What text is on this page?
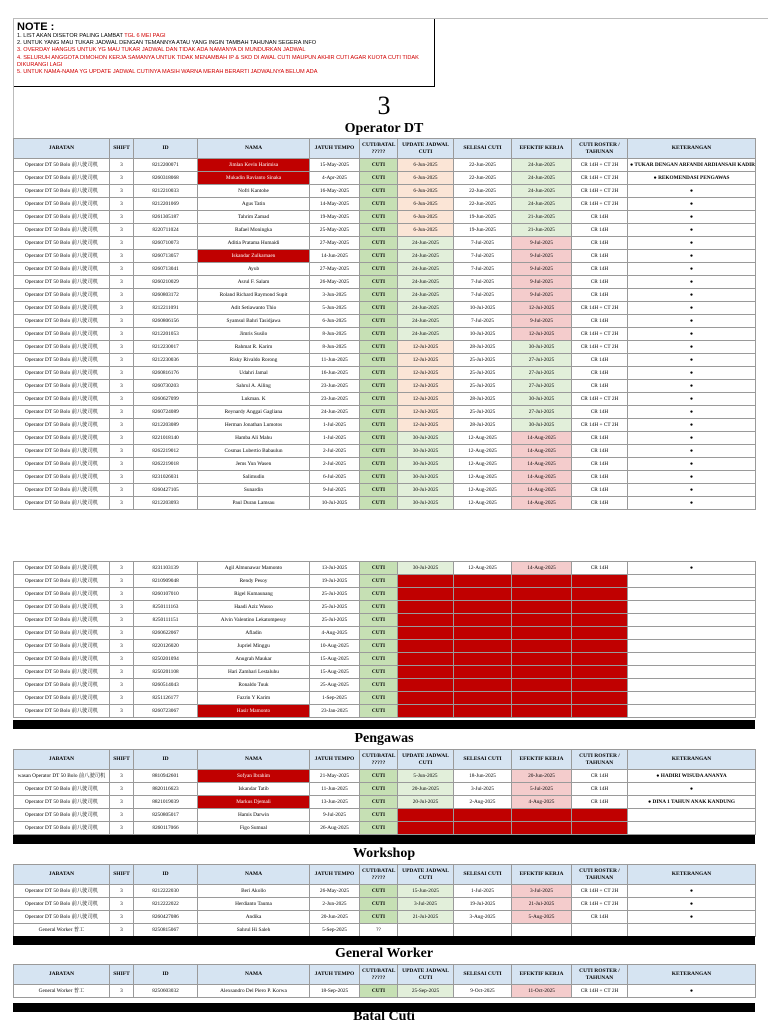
NOTE :
1. LIST AKAN DISETOR PALING LAMBAT TGL 6 MEI PAGI
2. UNTUK YANG MAU TUKAR JADWAL DENGAN TEMANNYA ATAU YANG INGIN TAMBAH TAHUNAN SEGERA INFO
3. OVERDAY HANGUS UNTUK YG MAU TUKAR JADWAL DAN TIDAK ADA NAMANYA DI MUNDURKAN JADWAL
4. SELURUH ANGGOTA DIMOHON KERJA SAMANYA UNTUK TIDAK MENAMBAH IP & SKD DI AWAL CUTI MAUPUN AKHIR CUTI AGAR KUOTA CUTI TIDAK DIKURANGI LAGI
5. UNTUK NAMA-NAMA YG UPDATE JADWAL CUTINYA MASIH WARNA MERAH BERARTI JADWALNYA BELUM ADA
3
Operator DT
JABATAN	SHIFT	ID	NAMA	JATUH TEMPO	CUTI/BATAL ?????	UPDATE JADWAL CUTI	SELESAI CUTI	EFEKTIF KERJA	CUTI ROSTER / TAHUNAN	KETERANGAN
Operator DT 50 Bolo 前八驶司机	3	8212200071	Jimlan Kevin Harimisa	15-May-2025	CUTI	6-Jun-2025	22-Jun-2025	24-Jun-2025	CR 14H + CT 2H	● TUKAR DENGAN ARFANDI ARDIANSAH KADIR
Operator DT 50 Bolo 前八驶司机	3	8260318068	Mukadin Ravianto Sinaka	4-Apr-2025	CUTI	6-Jun-2025	22-Jun-2025	24-Jun-2025	CR 14H + CT 2H	● REKOMENDASI PENGAWAS
Operator DT 50 Bolo 前八驶司机	3	8212210033	Nofri Kantohe	16-May-2025	CUTI	6-Jun-2025	22-Jun-2025	24-Jun-2025	CR 14H + CT 2H	●
Operator DT 50 Bolo 前八驶司机	3	8212201069	Agus Tatin	14-May-2025	CUTI	6-Jun-2025	22-Jun-2025	24-Jun-2025	CR 14H + CT 2H	●
Operator DT 50 Bolo 前八驶司机	3	8261305187	Tahrim Zamad	19-May-2025	CUTI	6-Jun-2025	19-Jun-2025	21-Jun-2025	CR 14H	●
Operator DT 50 Bolo 前八驶司机	3	8220711024	Rafael Moningka	25-May-2025	CUTI	6-Jun-2025	19-Jun-2025	21-Jun-2025	CR 14H	●
Operator DT 50 Bolo 前八驶司机	3	8260710073	Aditia Pratama Humaidi	27-May-2025	CUTI	24-Jun-2025	7-Jul-2025	9-Jul-2025	CR 14H	●
Operator DT 50 Bolo 前八驶司机	3	8260713057	Iskandar Zulkarnaen	14-Jun-2025	CUTI	24-Jun-2025	7-Jul-2025	9-Jul-2025	CR 14H	●
Operator DT 50 Bolo 前八驶司机	3	8260713041	Ayub	27-May-2025	CUTI	24-Jun-2025	7-Jul-2025	9-Jul-2025	CR 14H	●
Operator DT 50 Bolo 前八驶司机	3	8260210029	Asrul F. Salam	26-May-2025	CUTI	24-Jun-2025	7-Jul-2025	9-Jul-2025	CR 14H	●
Operator DT 50 Bolo 前八驶司机	3	8260803172	Roland Richard Raymond Supit	3-Jun-2025	CUTI	24-Jun-2025	7-Jul-2025	9-Jul-2025	CR 14H	●
Operator DT 50 Bolo 前八驶司机	3	8212211091	Adit Setiawanto Thio	5-Jun-2025	CUTI	24-Jun-2025	10-Jul-2025	12-Jul-2025	CR 14H + CT 2H	●
Operator DT 50 Bolo 前八驶司机	3	8260806156	Syamsul Bahri Tasidjawa	6-Jun-2025	CUTI	24-Jun-2025	7-Jul-2025	9-Jul-2025	CR 14H	●
Operator DT 50 Bolo 前八驶司机	3	8212201053	Jimris Susilo	8-Jun-2025	CUTI	24-Jun-2025	10-Jul-2025	12-Jul-2025	CR 14H + CT 2H	●
Operator DT 50 Bolo 前八驶司机	3	8212230017	Rahmat R. Karim	8-Jun-2025	CUTI	12-Jul-2025	28-Jul-2025	30-Jul-2025	CR 14H + CT 2H	●
Operator DT 50 Bolo 前八驶司机	3	8212230036	Risky Rivaldo Rorong	11-Jun-2025	CUTI	12-Jul-2025	25-Jul-2025	27-Jul-2025	CR 14H	●
Operator DT 50 Bolo 前八驶司机	3	8260816176	Udahri Jamal	16-Jun-2025	CUTI	12-Jul-2025	25-Jul-2025	27-Jul-2025	CR 14H	●
Operator DT 50 Bolo 前八驶司机	3	8260730203	Sahrul A. Ailing	23-Jun-2025	CUTI	12-Jul-2025	25-Jul-2025	27-Jul-2025	CR 14H	●
Operator DT 50 Bolo 前八驶司机	3	8260627099	Lukman. K	23-Jun-2025	CUTI	12-Jul-2025	28-Jul-2025	30-Jul-2025	CR 14H + CT 2H	●
Operator DT 50 Bolo 前八驶司机	3	8260724089	Reynardy Anggai Gagliana	24-Jun-2025	CUTI	12-Jul-2025	25-Jul-2025	27-Jul-2025	CR 14H	●
Operator DT 50 Bolo 前八驶司机	3	8212203089	Herman Jonathan Lumotos	1-Jul-2025	CUTI	12-Jul-2025	28-Jul-2025	30-Jul-2025	CR 14H + CT 2H	●
Operator DT 50 Bolo 前八驶司机	3	8221018140	Hamba Ali Mahu	1-Jul-2025	CUTI	30-Jul-2025	12-Aug-2025	14-Aug-2025	CR 14H	●
Operator DT 50 Bolo 前八驶司机	3	8262219012	Cosmas Lubertio Babaulun	2-Jul-2025	CUTI	30-Jul-2025	12-Aug-2025	14-Aug-2025	CR 14H	●
Operator DT 50 Bolo 前八驶司机	3	8262219018	Jems Yun Wasen	2-Jul-2025	CUTI	30-Jul-2025	12-Aug-2025	14-Aug-2025	CR 14H	●
Operator DT 50 Bolo 前八驶司机	3	8231026031	Salimudin	6-Jul-2025	CUTI	30-Jul-2025	12-Aug-2025	14-Aug-2025	CR 14H	●
Operator DT 50 Bolo 前八驶司机	3	8260427105	Sunardin	9-Jul-2025	CUTI	30-Jul-2025	12-Aug-2025	14-Aug-2025	CR 14H	●
Operator DT 50 Bolo 前八驶司机	3	8212203093	Paul Duran Lamsau	10-Jul-2025	CUTI	30-Jul-2025	12-Aug-2025	14-Aug-2025	CR 14H	●
Operator DT 50 Bolo 前八驶司机	3	8231103139	Agil Almunawar Mamonto	13-Jul-2025	CUTI	30-Jul-2025	12-Aug-2025	14-Aug-2025	CR 14H	●
Operator DT 50 Bolo 前八驶司机	3	8210909048	Rendy Pesoy	19-Jul-2025	CUTI					
Operator DT 50 Bolo 前八驶司机	3	8260107010	Rigel Kumaunang	25-Jul-2025	CUTI					
Operator DT 50 Bolo 前八驶司机	3	8250111163	Haadi Aziz Wasso	25-Jul-2025	CUTI					
Operator DT 50 Bolo 前八驶司机	3	8250111151	Alvin Valentino Lekatompessy	25-Jul-2025	CUTI					
Operator DT 50 Bolo 前八驶司机	3	8260622067	Afladin	4-Aug-2025	CUTI					
Operator DT 50 Bolo 前八驶司机	3	8220126020	Jupriel Minggu	10-Aug-2025	CUTI					
Operator DT 50 Bolo 前八驶司机	3	8250201094	Anugrah Maukar	15-Aug-2025	CUTI					
Operator DT 50 Bolo 前八驶司机	3	8250201108	Hari Zamhari Lestaluhu	15-Aug-2025	CUTI					
Operator DT 50 Bolo 前八驶司机	3	8260514043	Ronaldo Tuuk	25-Aug-2025	CUTI					
Operator DT 50 Bolo 前八驶司机	3	8251126177	Fazrin Y Karim	1-Sep-2025	CUTI					
Operator DT 50 Bolo 前八驶司机	3	8260723067	Hasir Mamonto	23-Jan-2025	CUTI					
Pengawas
JABATAN	SHIFT	ID	NAMA	JATUH TEMPO	CUTI/BATAL ?????	UPDATE JADWAL CUTI	SELESAI CUTI	EFEKTIF KERJA	CUTI ROSTER / TAHUNAN	KETERANGAN
wasan Operator DT 50 Bolo 前八驶司机	3	8810942601	Sofyan Ibrahim	21-May-2025	CUTI	5-Jun-2025	18-Jun-2025	20-Jun-2025	CR 14H	● HADIRI WISUDA ANANYA
Operator DT 50 Bolo 前八驶司机	3	8820116623	Iskandar Tatib	11-Jun-2025	CUTI	20-Jun-2025	3-Jul-2025	5-Jul-2025	CR 14H	●
Operator DT 50 Bolo 前八驶司机	3	8821019039	Markus Djemali	13-Jun-2025	CUTI	20-Jul-2025	2-Aug-2025	4-Aug-2025	CR 14H	● DINA 1 TAHUN ANAK KANDUNG
Operator DT 50 Bolo 前八驶司机	3	8250805017	Hamis Darwin	9-Jul-2025	CUTI					
Operator DT 50 Bolo 前八驶司机	3	8260117066	Figo Sumual	26-Aug-2025	CUTI					
Workshop
JABATAN	SHIFT	ID	NAMA	JATUH TEMPO	CUTI/BATAL ?????	UPDATE JADWAL CUTI	SELESAI CUTI	EFEKTIF KERJA	CUTI ROSTER / TAHUNAN	KETERANGAN
Operator DT 50 Bolo 前八驶司机	3	8212222030	Beri Akollo	26-May-2025	CUTI	15-Jun-2025	1-Jul-2025	3-Jul-2025	CR 14H + CT 2H	●
Operator DT 50 Bolo 前八驶司机	3	8212222022	Herdianto Tauma	2-Jun-2025	CUTI	3-Jul-2025	19-Jul-2025	21-Jul-2025	CR 14H + CT 2H	●
Operator DT 50 Bolo 前八驶司机	3	8260427086	Andika	20-Jun-2025	CUTI	21-Jul-2025	3-Aug-2025	5-Aug-2025	CR 14H	●
General Worker 普工	3	8250815067	Sahrul Hi Saleh	5-Sep-2025	??					
General Worker
JABATAN	SHIFT	ID	NAMA	JATUH TEMPO	CUTI/BATAL ?????	UPDATE JADWAL CUTI	SELESAI CUTI	EFEKTIF KERJA	CUTI ROSTER / TAHUNAN	KETERANGAN
General Worker 普工	3	8250603032	Alexsandro Del Piero P. Korwa	18-Sep-2025	CUTI	25-Sep-2025	9-Oct-2025	11-Oct-2025	CR 14H + CT 2H	●
Batal Cuti
